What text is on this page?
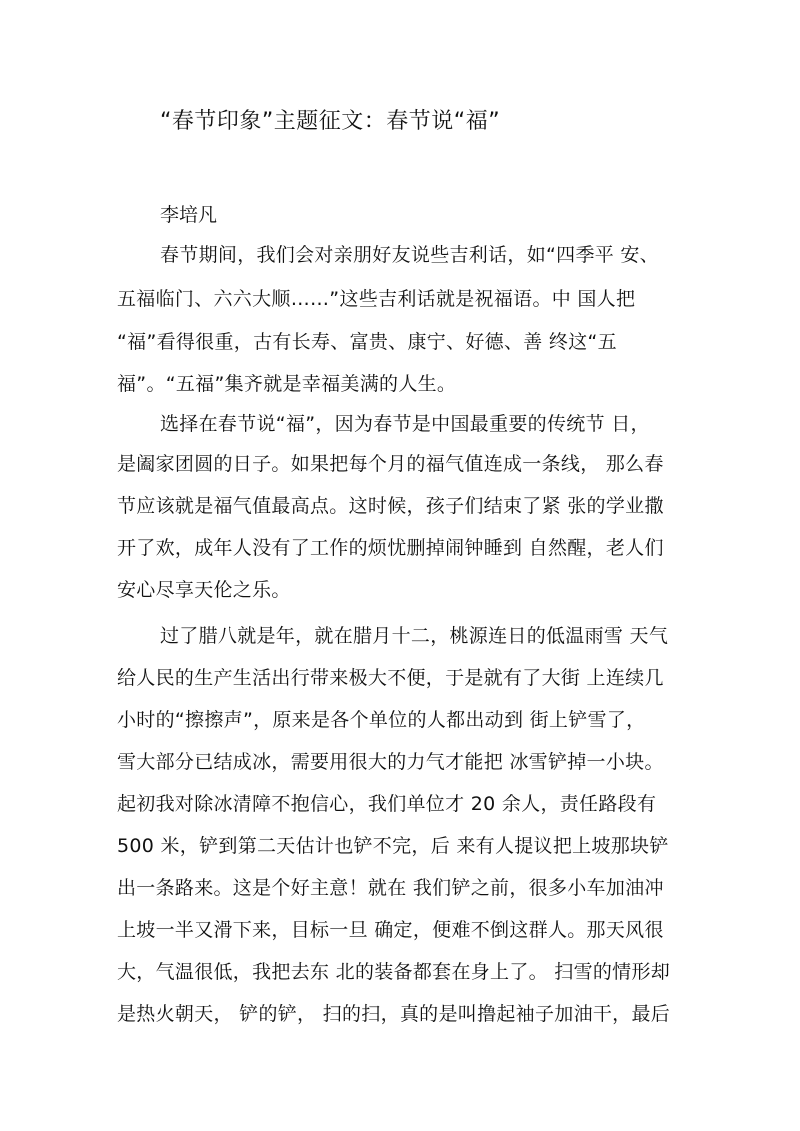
“春节印象”主题征文：春节说“福”
李培凡
春节期间，我们会对亲朋好友说些吉利话，如“四季平 安、
五福临门、六六大顺……”这些吉利话就是祝福语。中 国人把
“福”看得很重，古有长寿、富贵、康宁、好德、善 终这“五
福”。“五福”集齐就是幸福美满的人生。
选择在春节说“福”，因为春节是中国最重要的传统节 日，
是阖家团圆的日子。如果把每个月的福气值连成一条线， 那么春
节应该就是福气值最高点。这时候，孩子们结束了紧 张的学业撒
开了欢，成年人没有了工作的烦忧删掉闹钟睡到 自然醒，老人们
安心尽享天伦之乐。
过了腊八就是年，就在腊月十二，桃源连日的低温雨雪 天气
给人民的生产生活出行带来极大不便，于是就有了大街 上连续几
小时的“擦擦声”，原来是各个单位的人都出动到 街上铲雪了，
雪大部分已结成冰，需要用很大的力气才能把 冰雪铲掉一小块。
起初我对除冰清障不抱信心，我们单位才 20 余人，责任路段有
500 米，铲到第二天估计也铲不完，后 来有人提议把上坡那块铲
出一条路来。这是个好主意！就在 我们铲之前，很多小车加油冲
上坡一半又滑下来，目标一旦 确定，便难不倒这群人。那天风很
大，气温很低，我把去东 北的装备都套在身上了。 扫雪的情形却
是热火朝天， 铲的铲， 扫的扫，真的是叫撸起袖子加油干，最后
